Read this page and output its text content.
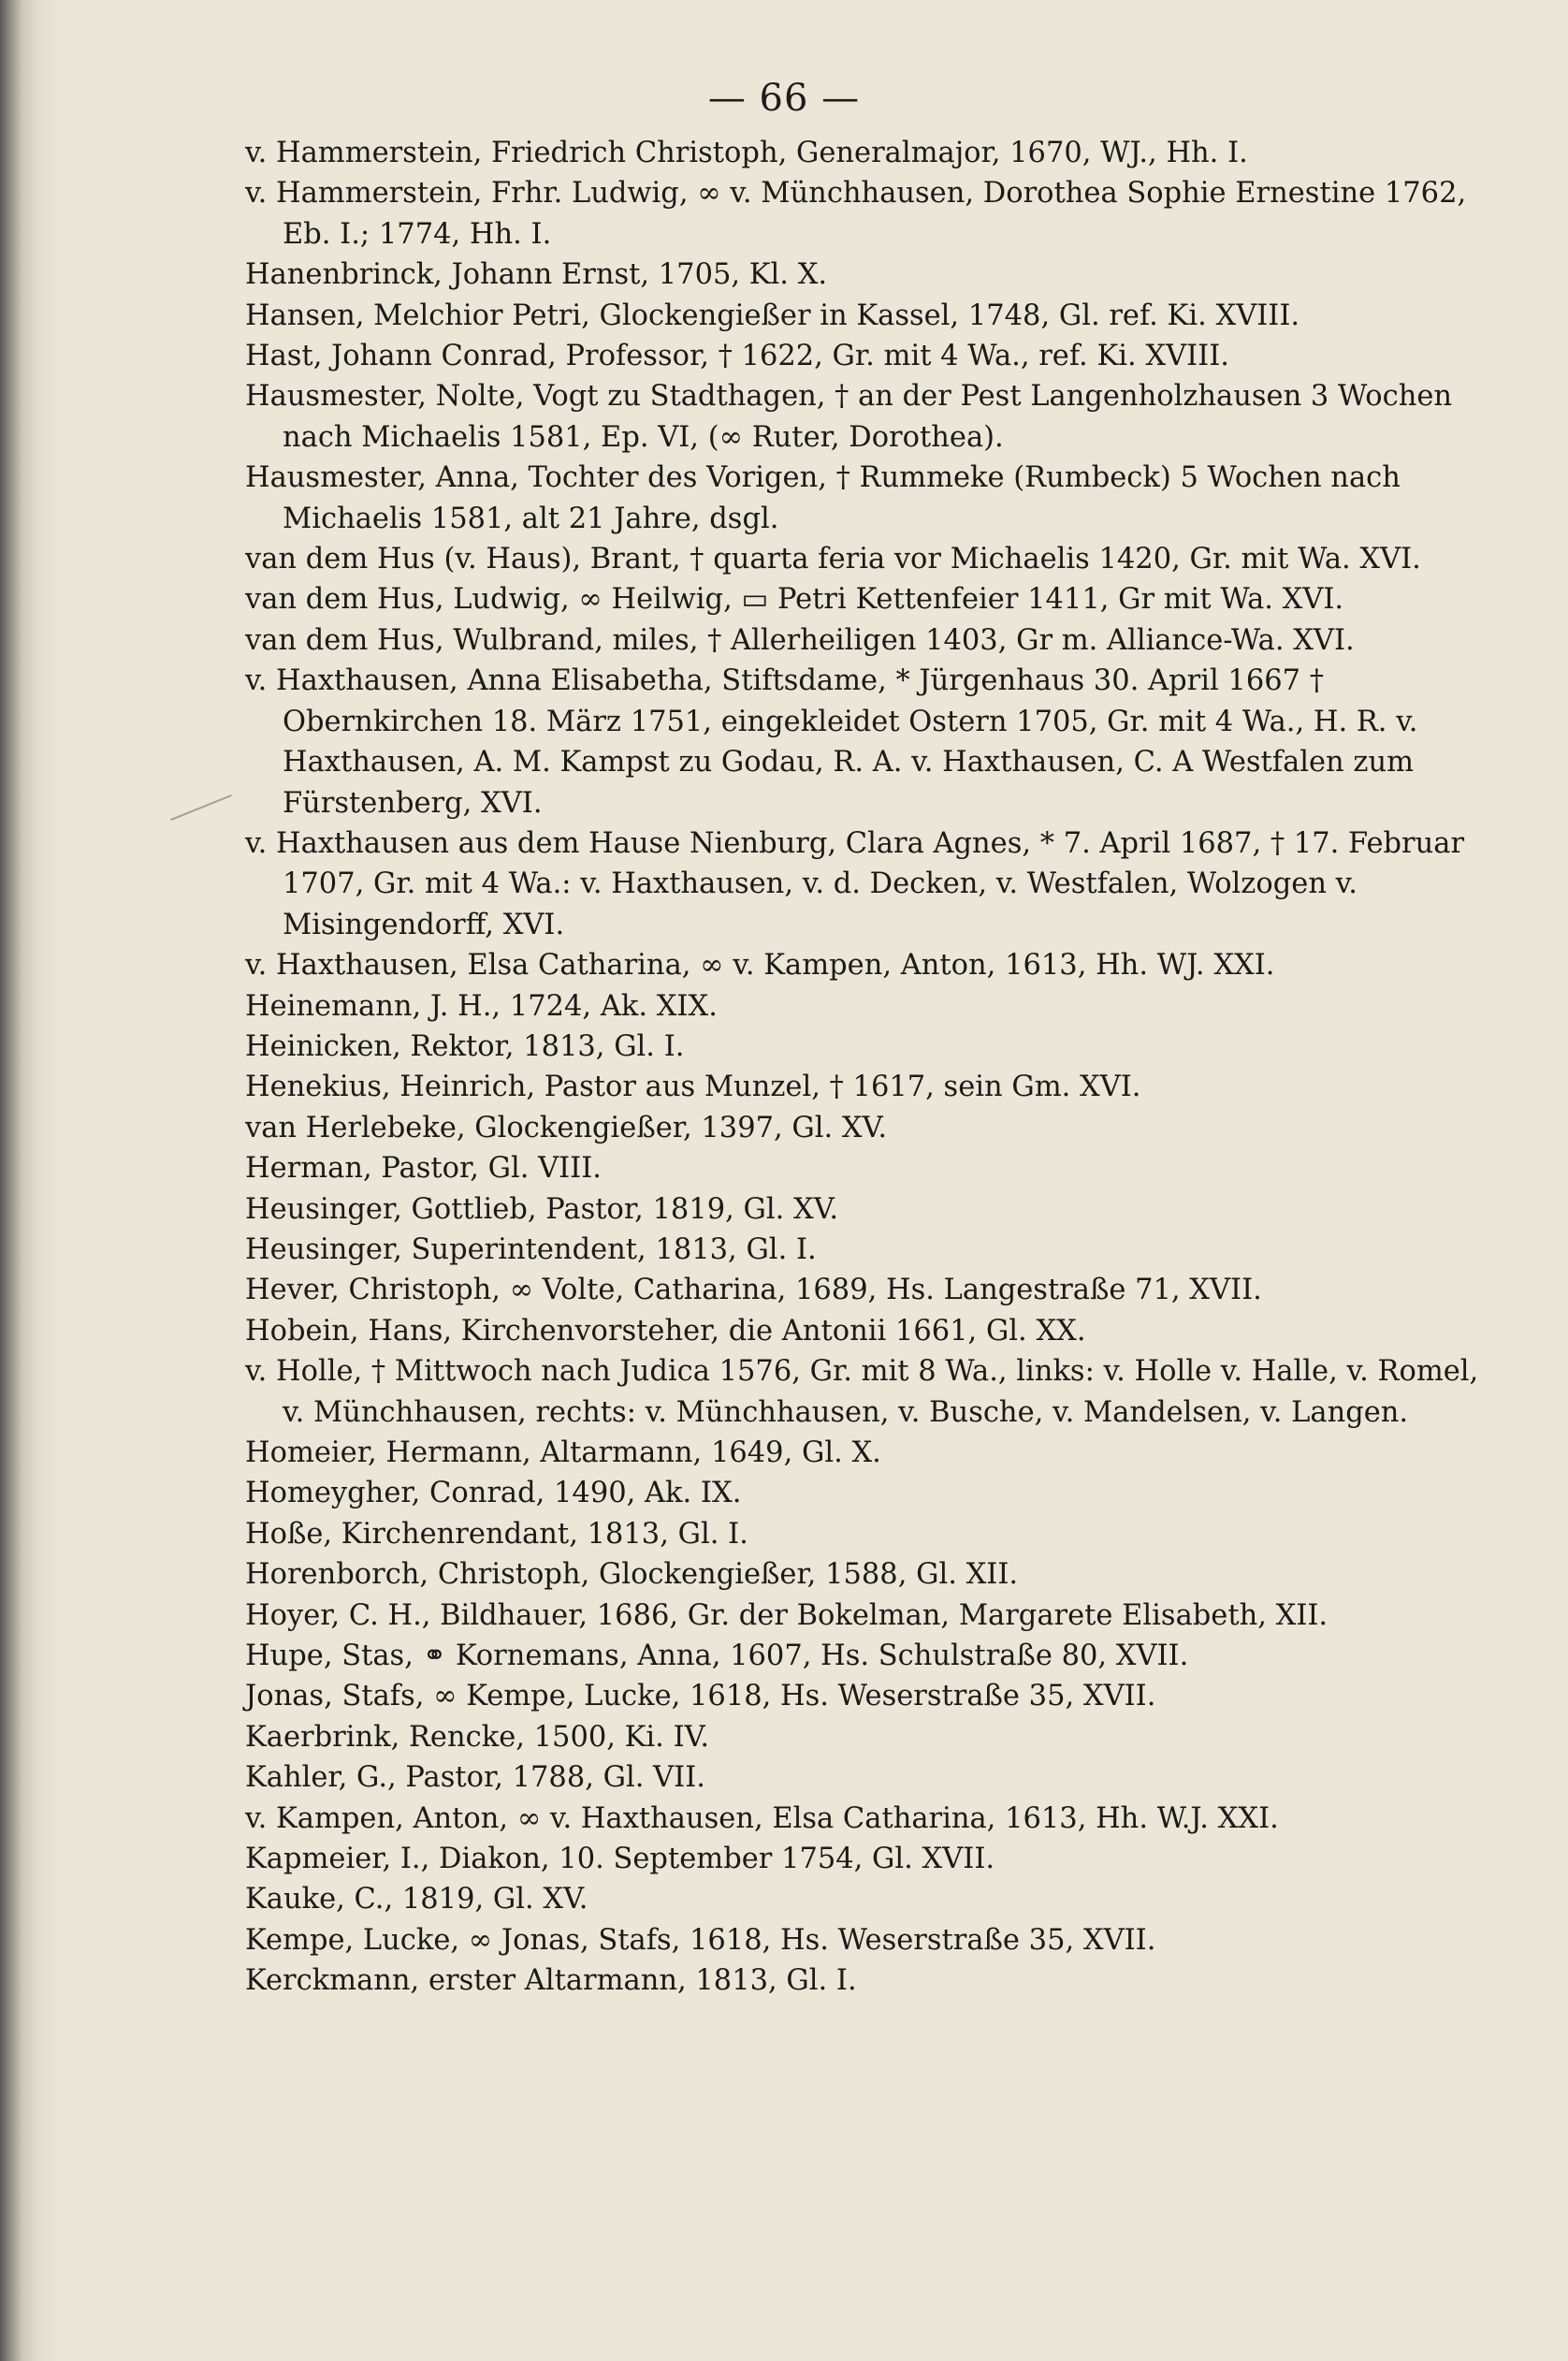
— 66 —

v. Hammerstein, Friedrich Christoph, Generalmajor, 1670, WJ., Hh. I.

v. Hammerstein, Frhr. Ludwig, ∞ v. Münchhausen, Dorothea Sophie Ernestine 1762, Eb. I.; 1774, Hh. I.

Hanenbrinck, Johann Ernst, 1705, Kl. X.

Hansen, Melchior Petri, Glockengießer in Kassel, 1748, Gl. ref. Ki. XVIII.

Hast, Johann Conrad, Professor, † 1622, Gr. mit 4 Wa., ref. Ki. XVIII.

Hausmester, Nolte, Vogt zu Stadthagen, † an der Pest Langenholzhausen 3 Wochen nach Michaelis 1581, Ep. VI, (∞ Ruter, Dorothea).

Hausmester, Anna, Tochter des Vorigen, † Rummeke (Rumbeck) 5 Wochen nach Michaelis 1581, alt 21 Jahre, dsgl.

van dem Hus (v. Haus), Brant, † quarta feria vor Michaelis 1420, Gr. mit Wa. XVI.

van dem Hus, Ludwig, ∞ Heilwig, ▭ Petri Kettenfeier 1411, Gr mit Wa. XVI.

van dem Hus, Wulbrand, miles, † Allerheiligen 1403, Gr m. Alliance-Wa. XVI.

v. Haxthausen, Anna Elisabetha, Stiftsdame, * Jürgenhaus 30. April 1667 † Obernkirchen 18. März 1751, eingekleidet Ostern 1705, Gr. mit 4 Wa., H. R. v. Haxthausen, A. M. Kampst zu Godau, R. A. v. Haxthausen, C. A Westfalen zum Fürstenberg, XVI.

v. Haxthausen aus dem Hause Nienburg, Clara Agnes, * 7. April 1687, † 17. Februar 1707, Gr. mit 4 Wa.: v. Haxthausen, v. d. Decken, v. Westfalen, Wolzogen v. Misingendorff, XVI.

v. Haxthausen, Elsa Catharina, ∞ v. Kampen, Anton, 1613, Hh. WJ. XXI.

Heinemann, J. H., 1724, Ak. XIX.

Heinicken, Rektor, 1813, Gl. I.

Henekius, Heinrich, Pastor aus Munzel, † 1617, sein Gm. XVI.

van Herlebeke, Glockengießer, 1397, Gl. XV.

Herman, Pastor, Gl. VIII.

Heusinger, Gottlieb, Pastor, 1819, Gl. XV.

Heusinger, Superintendent, 1813, Gl. I.

Hever, Christoph, ∞ Volte, Catharina, 1689, Hs. Langestraße 71, XVII.

Hobein, Hans, Kirchenvorsteher, die Antonii 1661, Gl. XX.

v. Holle, † Mittwoch nach Judica 1576, Gr. mit 8 Wa., links: v. Holle v. Halle, v. Romel, v. Münchhausen, rechts: v. Münchhausen, v. Busche, v. Mandelsen, v. Langen.

Homeier, Hermann, Altarmann, 1649, Gl. X.

Homeygher, Conrad, 1490, Ak. IX.

Hoße, Kirchenrendant, 1813, Gl. I.

Horenborch, Christoph, Glockengießer, 1588, Gl. XII.

Hoyer, C. H., Bildhauer, 1686, Gr. der Bokelman, Margarete Elisabeth, XII.

Hupe, Stas, ⚭ Kornemans, Anna, 1607, Hs. Schulstraße 80, XVII.

Jonas, Stafs, ∞ Kempe, Lucke, 1618, Hs. Weserstraße 35, XVII.

Kaerbrink, Rencke, 1500, Ki. IV.

Kahler, G., Pastor, 1788, Gl. VII.

v. Kampen, Anton, ∞ v. Haxthausen, Elsa Catharina, 1613, Hh. W.J. XXI.

Kapmeier, I., Diakon, 10. September 1754, Gl. XVII.

Kauke, C., 1819, Gl. XV.

Kempe, Lucke, ∞ Jonas, Stafs, 1618, Hs. Weserstraße 35, XVII.

Kerckmann, erster Altarmann, 1813, Gl. I.
